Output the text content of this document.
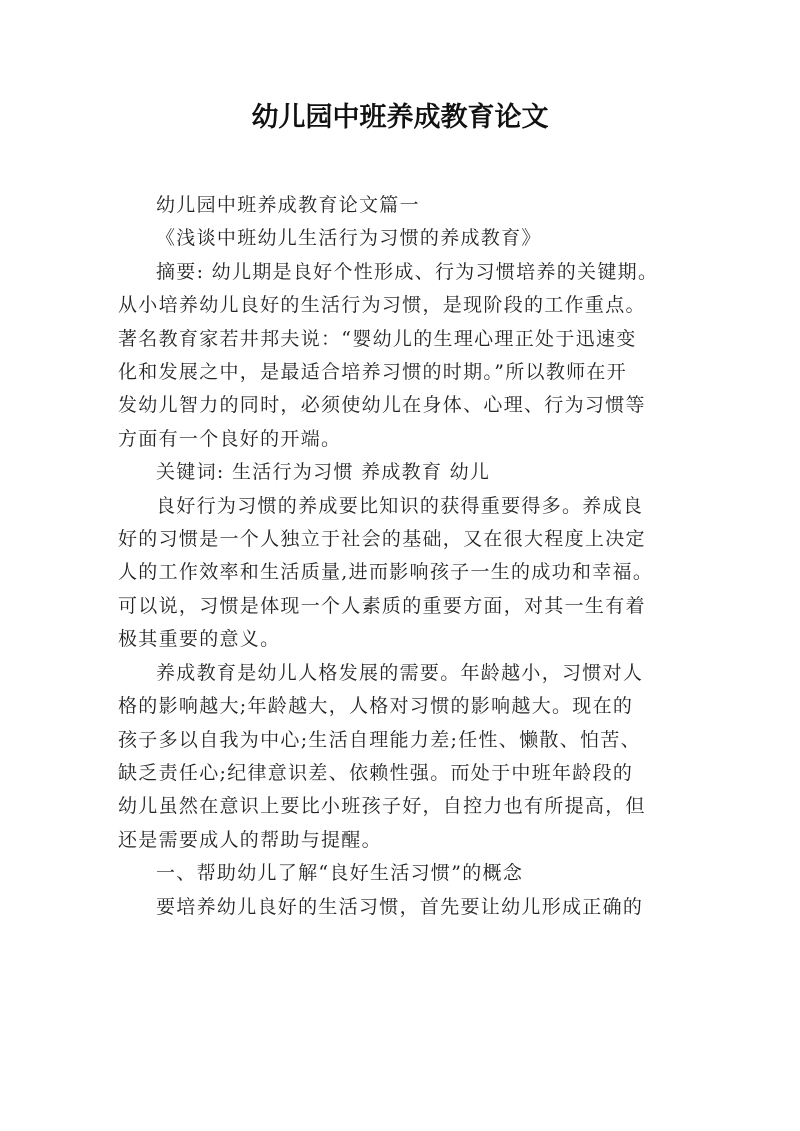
幼儿园中班养成教育论文

幼儿园中班养成教育论文篇一

《浅谈中班幼儿生活行为习惯的养成教育》

摘要: 幼儿期是良好个性形成、行为习惯培养的关键期。
从小培养幼儿良好的生活行为习惯，是现阶段的工作重点。
著名教育家若井邦夫说：“婴幼儿的生理心理正处于迅速变
化和发展之中，是最适合培养习惯的时期。”所以教师在开
发幼儿智力的同时，必须使幼儿在身体、心理、行为习惯等
方面有一个良好的开端。

关键词: 生活行为习惯 养成教育 幼儿

良好行为习惯的养成要比知识的获得重要得多。养成良
好的习惯是一个人独立于社会的基础，又在很大程度上决定
人的工作效率和生活质量,进而影响孩子一生的成功和幸福。
可以说，习惯是体现一个人素质的重要方面，对其一生有着
极其重要的意义。

养成教育是幼儿人格发展的需要。年龄越小，习惯对人
格的影响越大;年龄越大，人格对习惯的影响越大。现在的
孩子多以自我为中心;生活自理能力差;任性、懒散、怕苦、
缺乏责任心;纪律意识差、依赖性强。而处于中班年龄段的
幼儿虽然在意识上要比小班孩子好，自控力也有所提高，但
还是需要成人的帮助与提醒。

一、帮助幼儿了解“良好生活习惯”的概念

要培养幼儿良好的生活习惯，首先要让幼儿形成正确的
